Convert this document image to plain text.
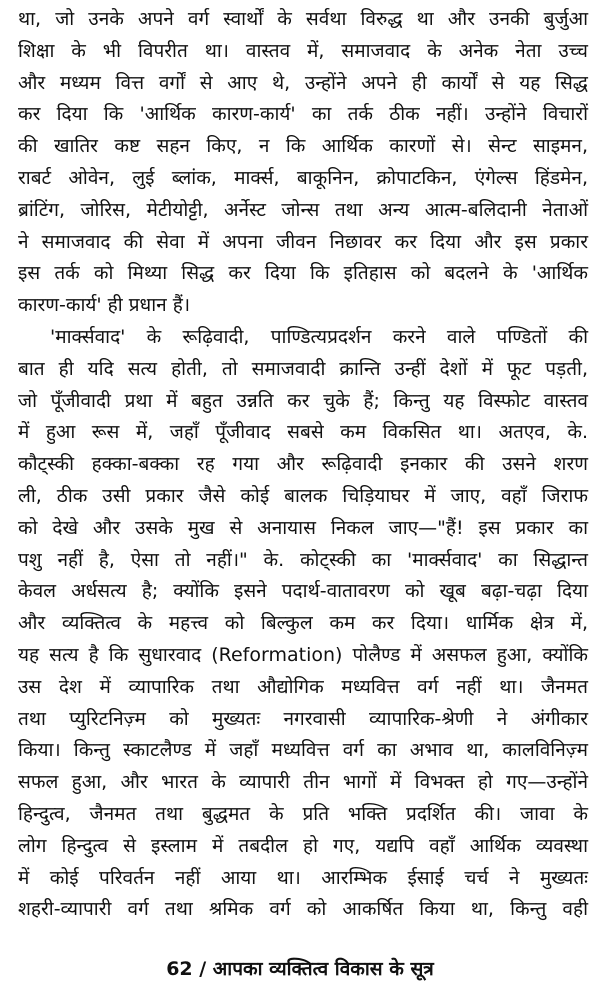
था, जो उनके अपने वर्ग स्वार्थों के सर्वथा विरुद्ध था और उनकी बुर्जुआ
शिक्षा के भी विपरीत था। वास्तव में, समाजवाद के अनेक नेता उच्च
और मध्यम वित्त वर्गों से आए थे, उन्होंने अपने ही कार्यों से यह सिद्ध
कर दिया कि 'आर्थिक कारण-कार्य' का तर्क ठीक नहीं। उन्होंने विचारों
की खातिर कष्ट सहन किए, न कि आर्थिक कारणों से। सेन्ट साइमन,
राबर्ट ओवेन, लुई ब्लांक, मार्क्स, बाकूनिन, क्रोपाटकिन, एंगेल्स हिंडमेन,
ब्रांटिंग, जोरिस, मेटीयोट्टी, अर्नेस्ट जोन्स तथा अन्य आत्म-बलिदानी नेताओं
ने समाजवाद की सेवा में अपना जीवन निछावर कर दिया और इस प्रकार
इस तर्क को मिथ्या सिद्ध कर दिया कि इतिहास को बदलने के 'आर्थिक
कारण-कार्य' ही प्रधान हैं।
'मार्क्सवाद' के रूढ़िवादी, पाण्डित्यप्रदर्शन करने वाले पण्डितों की
बात ही यदि सत्य होती, तो समाजवादी क्रान्ति उन्हीं देशों में फूट पड़ती,
जो पूँजीवादी प्रथा में बहुत उन्नति कर चुके हैं; किन्तु यह विस्फोट वास्तव
में हुआ रूस में, जहाँ पूँजीवाद सबसे कम विकसित था। अतएव, के.
कौट्स्की हक्का-बक्का रह गया और रूढ़िवादी इनकार की उसने शरण
ली, ठीक उसी प्रकार जैसे कोई बालक चिड़ियाघर में जाए, वहाँ जिराफ
को देखे और उसके मुख से अनायास निकल जाए—"हैं! इस प्रकार का
पशु नहीं है, ऐसा तो नहीं।" के. कोट्स्की का 'मार्क्सवाद' का सिद्धान्त
केवल अर्धसत्य है; क्योंकि इसने पदार्थ-वातावरण को खूब बढ़ा-चढ़ा दिया
और व्यक्तित्व के महत्त्व को बिल्कुल कम कर दिया। धार्मिक क्षेत्र में,
यह सत्य है कि सुधारवाद (Reformation) पोलैण्ड में असफल हुआ, क्योंकि
उस देश में व्यापारिक तथा औद्योगिक मध्यवित्त वर्ग नहीं था। जैनमत
तथा प्युरिटनिज़्म को मुख्यतः नगरवासी व्यापारिक-श्रेणी ने अंगीकार
किया। किन्तु स्काटलैण्ड में जहाँ मध्यवित्त वर्ग का अभाव था, कालविनिज़्म
सफल हुआ, और भारत के व्यापारी तीन भागों में विभक्त हो गए—उन्होंने
हिन्दुत्व, जैनमत तथा बुद्धमत के प्रति भक्ति प्रदर्शित की। जावा के
लोग हिन्दुत्व से इस्लाम में तबदील हो गए, यद्यपि वहाँ आर्थिक व्यवस्था
में कोई परिवर्तन नहीं आया था। आरम्भिक ईसाई चर्च ने मुख्यतः
शहरी-व्यापारी वर्ग तथा श्रमिक वर्ग को आकर्षित किया था, किन्तु वही
62 / आपका व्यक्तित्व विकास के सूत्र
